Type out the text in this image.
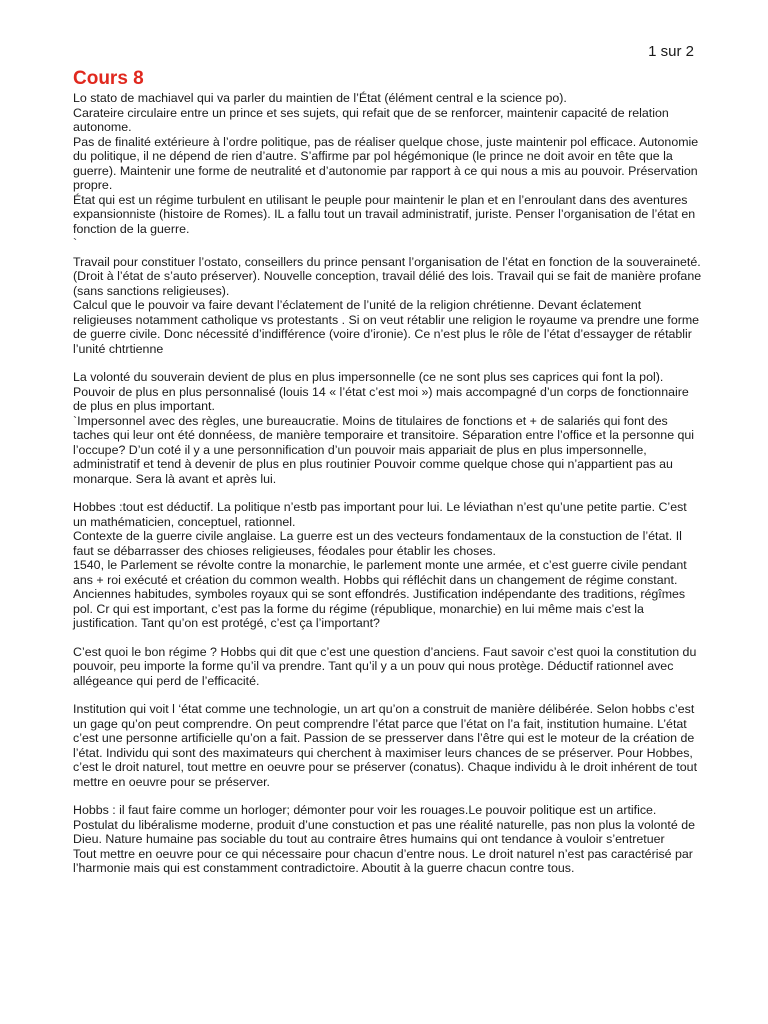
1 sur 2
Cours 8

Lo stato de machiavel qui va parler du maintien de l’État (élément central e la science po).

Carateire circulaire entre un prince et ses sujets, qui refait que de se renforcer, maintenir capacité de relation autonome.

Pas de finalité extérieure à l’ordre politique, pas de réaliser quelque chose, juste maintenir pol efficace. Autonomie du politique, il ne dépend de rien d’autre. S’affirme par pol hégémonique (le prince ne doit avoir en tête que la guerre). Maintenir une forme de neutralité et d’autonomie par rapport à ce qui nous a mis au pouvoir. Préservation propre.

État qui est un régime turbulent en utilisant le peuple pour maintenir le plan et en l’enroulant dans des aventures expansionniste (histoire de Romes). IL a fallu tout un travail administratif, juriste. Penser l’organisation de l’état en fonction de la guerre.

`

Travail pour constituer l’ostato, conseillers du prince pensant l’organisation de l’état en fonction de la souveraineté. (Droit à l’état de s’auto préserver). Nouvelle conception, travail délié des lois. Travail qui se fait de manière profane (sans sanctions religieuses).

Calcul que le pouvoir va faire devant l’éclatement de l’unité de la religion chrétienne. Devant éclatement religieuses notamment catholique vs protestants . Si on veut rétablir une religion le royaume va prendre une forme de guerre civile. Donc nécessité d’indifférence (voire d’ironie). Ce n’est plus le rôle de l’état d’essayger de rétablir l’unité chtrtienne

La volonté du souverain devient de plus en plus impersonnelle (ce ne sont plus ses caprices qui font la pol). Pouvoir de plus en plus personnalisé (louis 14 « l’état c’est moi ») mais accompagné d’un corps de fonctionnaire de plus en plus important.

`Impersonnel avec des règles, une bureaucratie. Moins de titulaires de fonctions et + de salariés qui font des taches qui leur ont été donnéess, de manière temporaire et transitoire. Séparation entre l’office et la personne qui l’occupe? D’un coté il y a une personnification d’un pouvoir mais appariait de plus en plus impersonnelle, administratif et tend à devenir de plus en plus routinier Pouvoir comme quelque chose qui n’appartient pas au monarque. Sera là avant et après lui.

Hobbes :tout est déductif. La politique n’estb pas important pour lui. Le léviathan n’est qu’une petite partie. C’est un mathématicien, conceptuel, rationnel.

Contexte de la guerre civile anglaise. La guerre est un des vecteurs fondamentaux de la constuction de l’état. Il faut se débarrasser des chioses religieuses, féodales pour établir les choses.

1540, le Parlement se révolte contre la monarchie, le parlement monte une armée, et c’est guerre civile pendant ans + roi exécuté et création du common wealth. Hobbs qui réfléchit dans un changement de régime constant. Anciennes habitudes, symboles royaux qui se sont effondrés. Justification indépendante des traditions, régîmes pol. Cr qui est important, c’est pas la forme du régime (république, monarchie) en lui même mais c’est la justification. Tant qu’on est protégé, c’est ça l’important?

C’est quoi le bon régime ? Hobbs qui dit que c’est une question d’anciens. Faut savoir c’est quoi la constitution du pouvoir, peu importe la forme qu’il va prendre. Tant qu’il y a un pouv qui nous protège. Déductif rationnel avec allégeance qui perd de l’efficacité.

Institution qui voit l ‘état comme une technologie, un art qu’on a construit de manière délibérée. Selon hobbs c’est un gage qu’on peut comprendre. On peut comprendre l’état parce que l’état on l’a fait, institution humaine. L’état c’est une personne artificielle qu’on a fait. Passion de se presserver dans l’être qui est le moteur de la création de l’état. Individu qui sont des maximateurs qui cherchent à maximiser leurs chances de se préserver. Pour Hobbes, c’est le droit naturel, tout mettre en oeuvre pour se préserver (conatus). Chaque individu à le droit inhérent de tout mettre en oeuvre pour se préserver.

Hobbs : il faut faire comme un horloger; démonter pour voir les rouages.Le pouvoir politique est un artifice. Postulat du libéralisme moderne, produit d’une constuction et pas une réalité naturelle, pas non plus la volonté de Dieu. Nature humaine pas sociable du tout au contraire êtres humains qui ont tendance à vouloir s’entretuer

Tout mettre en oeuvre pour ce qui nécessaire pour chacun d’entre nous. Le droit naturel n’est pas caractérisé par l’harmonie mais qui est constamment contradictoire. Aboutit à la guerre chacun contre tous.
